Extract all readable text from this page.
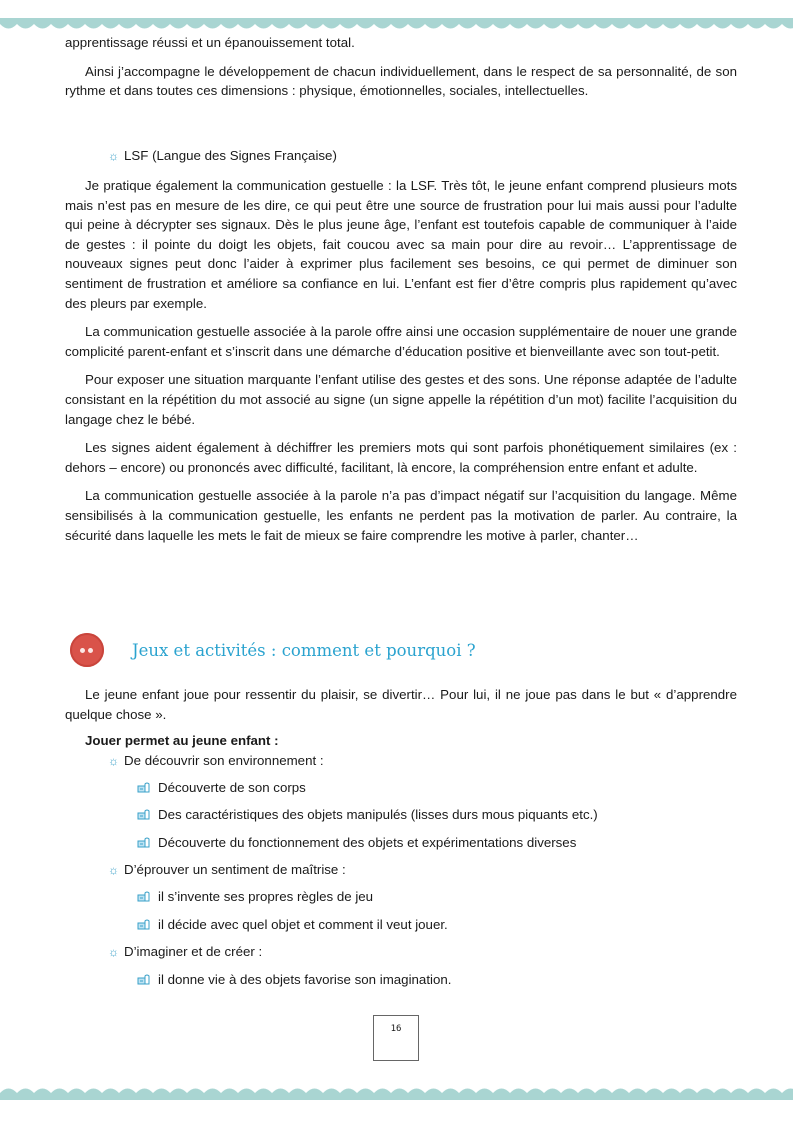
apprentissage réussi et un épanouissement total.

Ainsi j’accompagne le développement de chacun individuellement, dans le respect de sa personnalité, de son rythme et dans toutes ces dimensions : physique, émotionnelles, sociales, intellectuelles.

☼ LSF (Langue des Signes Française)

Je pratique également la communication gestuelle : la LSF. Très tôt, le jeune enfant comprend plusieurs mots mais n’est pas en mesure de les dire, ce qui peut être une source de frustration pour lui mais aussi pour l’adulte qui peine à décrypter ses signaux. Dès le plus jeune âge, l’enfant est toutefois capable de communiquer à l’aide de gestes : il pointe du doigt les objets, fait coucou avec sa main pour dire au revoir… L’apprentissage de nouveaux signes peut donc l’aider à exprimer plus facilement ses besoins, ce qui permet de diminuer son sentiment de frustration et améliore sa confiance en lui. L’enfant est fier d’être compris plus rapidement qu’avec des pleurs par exemple.

La communication gestuelle associée à la parole offre ainsi une occasion supplémentaire de nouer une grande complicité parent-enfant et s’inscrit dans une démarche d’éducation positive et bienveillante avec son tout-petit.

Pour exposer une situation marquante l’enfant utilise des gestes et des sons. Une réponse adaptée de l’adulte consistant en la répétition du mot associé au signe (un signe appelle la répétition d’un mot) facilite l’acquisition du langage chez le bébé.

Les signes aident également à déchiffrer les premiers mots qui sont parfois phonétiquement similaires (ex : dehors – encore) ou prononcés avec difficulté, facilitant, là encore, la compréhension entre enfant et adulte.

La communication gestuelle associée à la parole n’a pas d’impact négatif sur l’acquisition du langage. Même sensibilisés à la communication gestuelle, les enfants ne perdent pas la motivation de parler. Au contraire, la sécurité dans laquelle les mets le fait de mieux se faire comprendre les motive à parler, chanter…

Jeux et activités : comment et pourquoi ?

Le jeune enfant joue pour ressentir du plaisir, se divertir… Pour lui, il ne joue pas dans le but « d’apprendre quelque chose ».

Jouer permet au jeune enfant :
☼ De découvrir son environnement :
Découverte de son corps
Des caractéristiques des objets manipulés (lisses durs mous piquants etc.)
Découverte du fonctionnement des objets et expérimentations diverses
☼ D’éprouver un sentiment de maîtrise :
il s’invente ses propres règles de jeu
il décide avec quel objet et comment il veut jouer.
☼ D’imaginer et de créer :
il donne vie à des objets favorise son imagination.
16
